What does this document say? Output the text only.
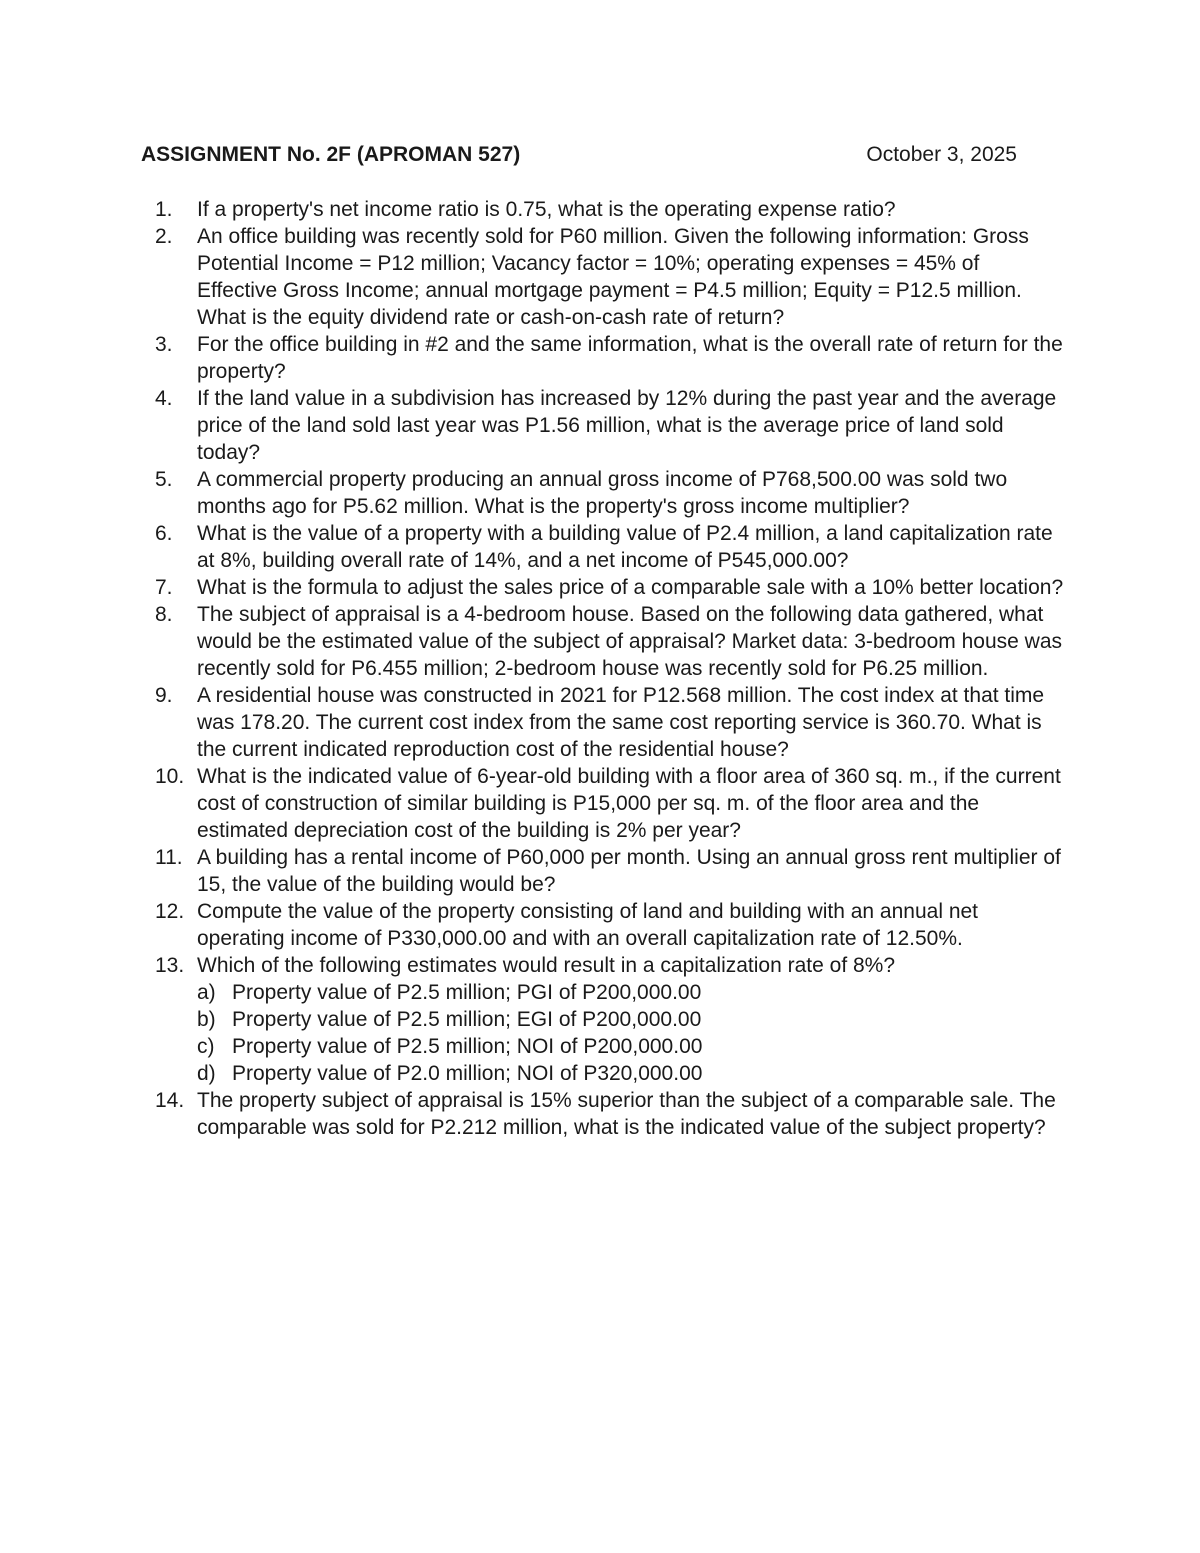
ASSIGNMENT No. 2F (APROMAN 527)	October 3, 2025
1.	If a property's net income ratio is 0.75, what is the operating expense ratio?
2.	An office building was recently sold for P60 million. Given the following information: Gross Potential Income = P12 million; Vacancy factor = 10%; operating expenses = 45% of Effective Gross Income; annual mortgage payment = P4.5 million; Equity = P12.5 million. What is the equity dividend rate or cash-on-cash rate of return?
3.	For the office building in #2 and the same information, what is the overall rate of return for the property?
4.	If the land value in a subdivision has increased by 12% during the past year and the average price of the land sold last year was P1.56 million, what is the average price of land sold today?
5.	A commercial property producing an annual gross income of P768,500.00 was sold two months ago for P5.62 million. What is the property's gross income multiplier?
6.	What is the value of a property with a building value of P2.4 million, a land capitalization rate at 8%, building overall rate of 14%, and a net income of P545,000.00?
7.	What is the formula to adjust the sales price of a comparable sale with a 10% better location?
8.	The subject of appraisal is a 4-bedroom house. Based on the following data gathered, what would be the estimated value of the subject of appraisal? Market data: 3-bedroom house was recently sold for P6.455 million; 2-bedroom house was recently sold for P6.25 million.
9.	A residential house was constructed in 2021 for P12.568 million. The cost index at that time was 178.20. The current cost index from the same cost reporting service is 360.70. What is the current indicated reproduction cost of the residential house?
10. What is the indicated value of 6-year-old building with a floor area of 360 sq. m., if the current cost of construction of similar building is P15,000 per sq. m. of the floor area and the estimated depreciation cost of the building is 2% per year?
11. A building has a rental income of P60,000 per month. Using an annual gross rent multiplier of 15, the value of the building would be?
12. Compute the value of the property consisting of land and building with an annual net operating income of P330,000.00 and with an overall capitalization rate of 12.50%.
13. Which of the following estimates would result in a capitalization rate of 8%?
a) Property value of P2.5 million; PGI of P200,000.00
b) Property value of P2.5 million; EGI of P200,000.00
c) Property value of P2.5 million; NOI of P200,000.00
d) Property value of P2.0 million; NOI of P320,000.00
14. The property subject of appraisal is 15% superior than the subject of a comparable sale. The comparable was sold for P2.212 million, what is the indicated value of the subject property?
